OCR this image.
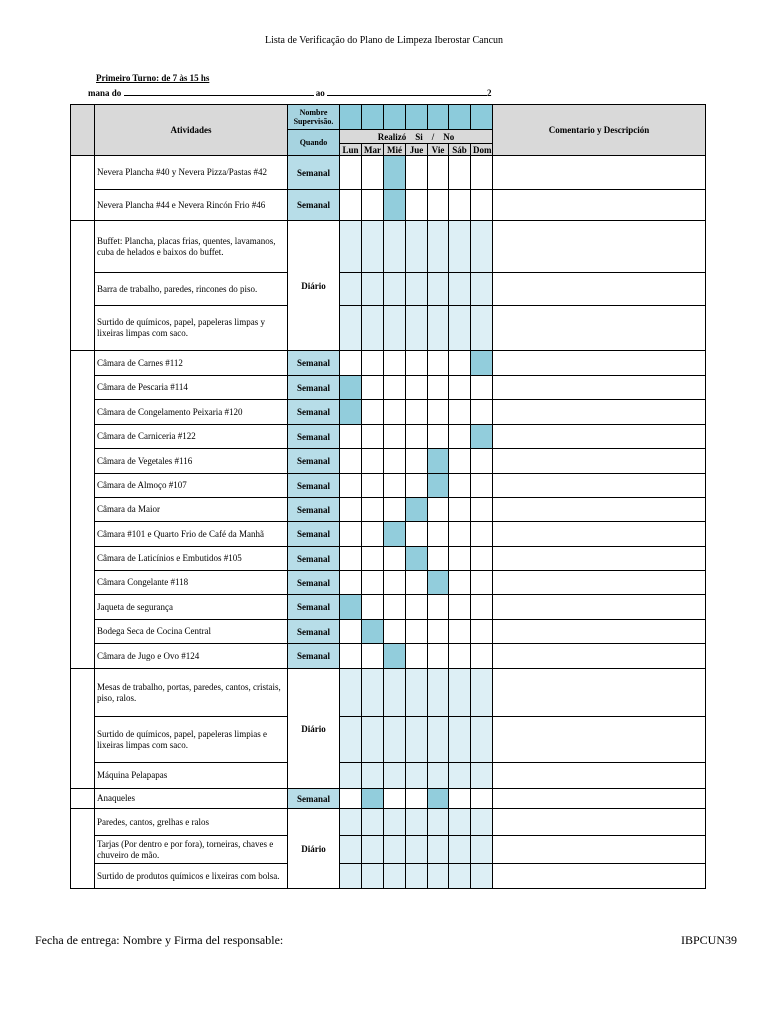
Lista de Verificação do Plano de Limpeza Iberostar Cancun
Primeiro Turno: de 7 às 15 hs
mana do	ao	2
	Atividades	Nombre Supervisão.								Comentario y Descripción
		Quando	Realizó    Si    /    No							
			Lun	Mar	Mié	Jue	Vie	Sáb	Dom	
	Nevera Plancha #40 y Nevera Pizza/Pastas #42	Semanal								
	Nevera Plancha #44 e Nevera Rincón Frio #46	Semanal								
	Buffet: Plancha, placas frias, quentes, lavamanos, cuba de helados e baixos do buffet.	Diário								
	Barra de trabalho, paredes, rincones do piso.									
	Surtido de químicos, papel, papeleras limpas y lixeiras limpas com saco.									
	Câmara de Carnes #112	Semanal								
	Câmara de Pescaria #114	Semanal								
	Câmara de Congelamento Peixaria #120	Semanal								
	Câmara de Carniceria #122	Semanal								
	Câmara de Vegetales #116	Semanal								
	Câmara de Almoço #107	Semanal								
	Câmara da Maior	Semanal								
	Câmara #101 e Quarto Frio de Café da Manhã	Semanal								
	Câmara de Laticínios e Embutidos #105	Semanal								
	Câmara Congelante #118	Semanal								
	Jaqueta de segurança	Semanal								
	Bodega Seca de Cocina Central	Semanal								
	Câmara de Jugo e Ovo #124	Semanal								
	Mesas de trabalho, portas, paredes, cantos, cristais, piso, ralos.	Diário								
	Surtido de químicos, papel, papeleras limpias e lixeiras limpas com saco.									
	Máquina Pelapapas									
	Anaqueles	Semanal								
	Paredes, cantos, grelhas e ralos	Diário								
	Tarjas (Por dentro e por fora), torneiras, chaves e chuveiro de mão.									
	Surtido de produtos químicos e lixeiras com bolsa.									
Fecha de entrega: Nombre y Firma del responsable:	IBPCUN39
